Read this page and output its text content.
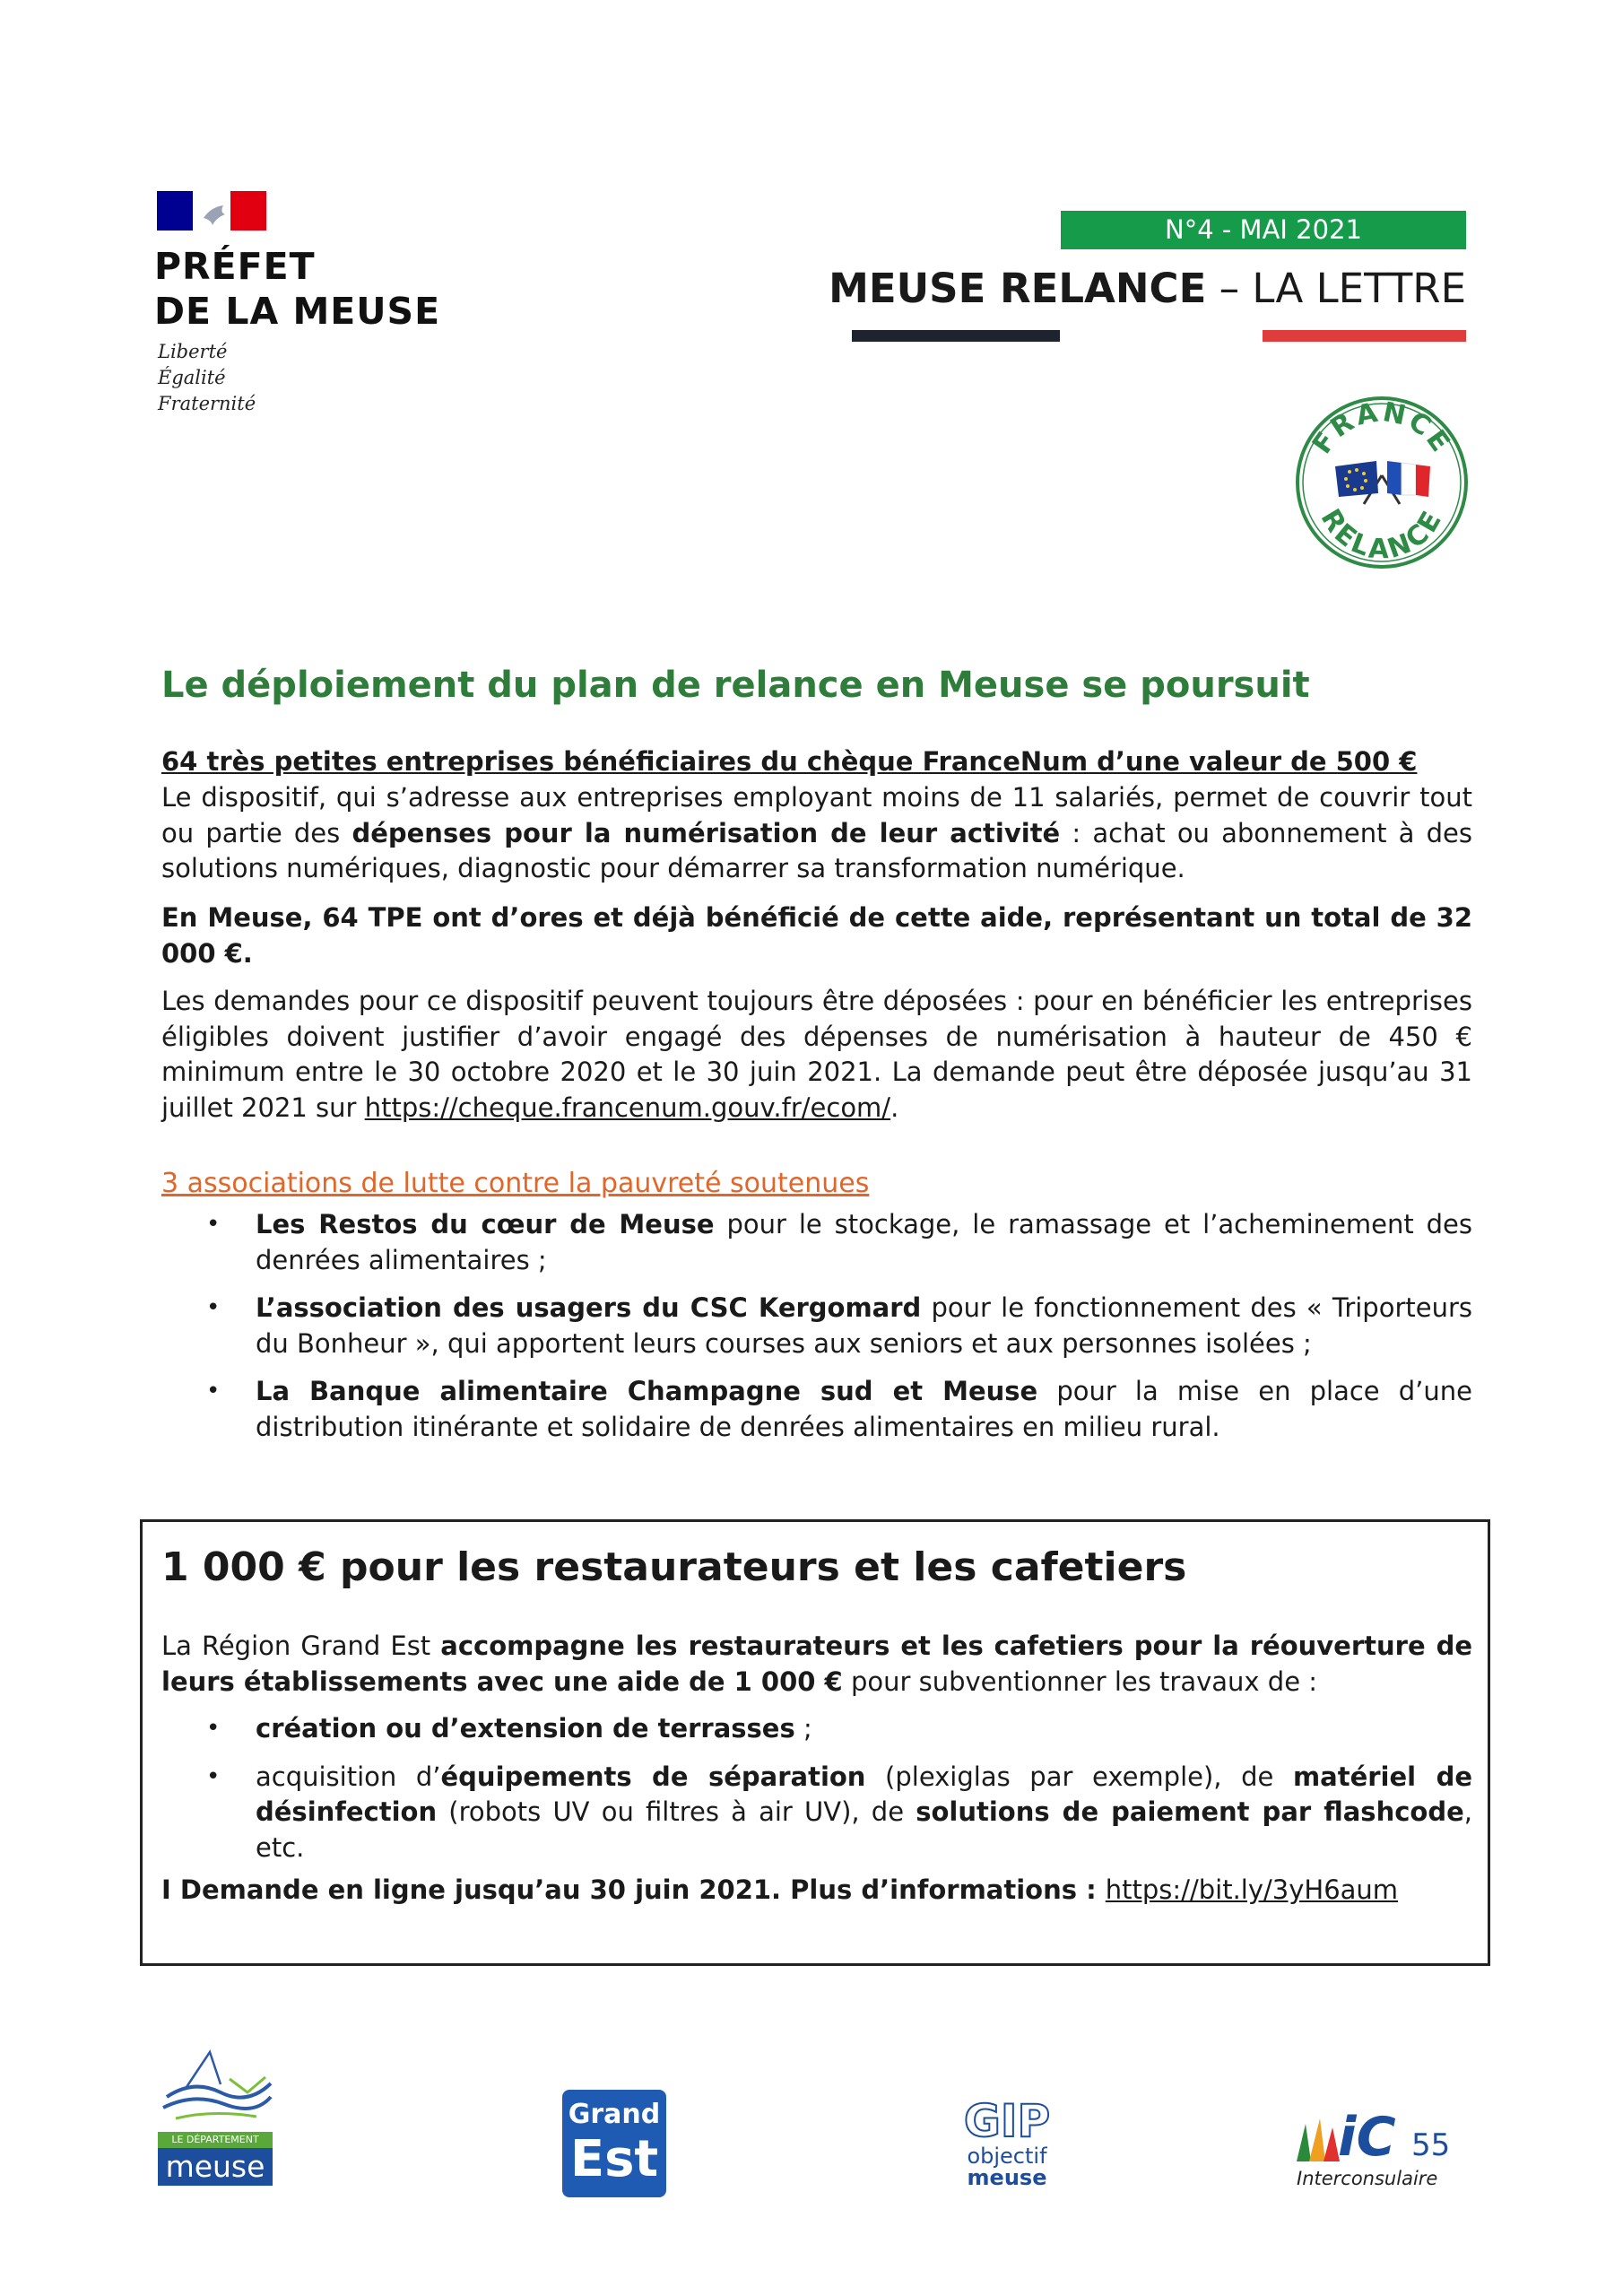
PRÉFET
DE LA MEUSE
Liberté
Égalité
Fraternité
N°4 - MAI 2021
MEUSE RELANCE – LA LETTRE
FRANCE
RELANCE
Le déploiement du plan de relance en Meuse se poursuit
64 très petites entreprises bénéficiaires du chèque FranceNum d’une valeur de 500 €
Le dispositif, qui s’adresse aux entreprises employant moins de 11 salariés, permet de couvrir tout ou partie des dépenses pour la numérisation de leur activité : achat ou abonnement à des solutions numériques, diagnostic pour démarrer sa transformation numérique.
En Meuse, 64 TPE ont d’ores et déjà bénéficié de cette aide, représentant un total de 32 000 €.
Les demandes pour ce dispositif peuvent toujours être déposées : pour en bénéficier les entreprises éligibles doivent justifier d’avoir engagé des dépenses de numérisation à hauteur de 450 € minimum entre le 30 octobre 2020 et le 30 juin 2021. La demande peut être déposée jusqu’au 31 juillet 2021 sur https://cheque.francenum.gouv.fr/ecom/.
3 associations de lutte contre la pauvreté soutenues
• Les Restos du cœur de Meuse pour le stockage, le ramassage et l’acheminement des denrées alimentaires ;
• L’association des usagers du CSC Kergomard pour le fonctionnement des « Triporteurs du Bonheur », qui apportent leurs courses aux seniors et aux personnes isolées ;
• La Banque alimentaire Champagne sud et Meuse pour la mise en place d’une distribution itinérante et solidaire de denrées alimentaires en milieu rural.
1 000 € pour les restaurateurs et les cafetiers
La Région Grand Est accompagne les restaurateurs et les cafetiers pour la réouverture de leurs établissements avec une aide de 1 000 € pour subventionner les travaux de :
• création ou d’extension de terrasses ;
• acquisition d’équipements de séparation (plexiglas par exemple), de matériel de désinfection (robots UV ou filtres à air UV), de solutions de paiement par flashcode, etc.
I Demande en ligne jusqu’au 30 juin 2021. Plus d’informations : https://bit.ly/3yH6aum
LE DÉPARTEMENT
meuse
Grand
Est
GIP
objectif
meuse
iC 55
Interconsulaire
